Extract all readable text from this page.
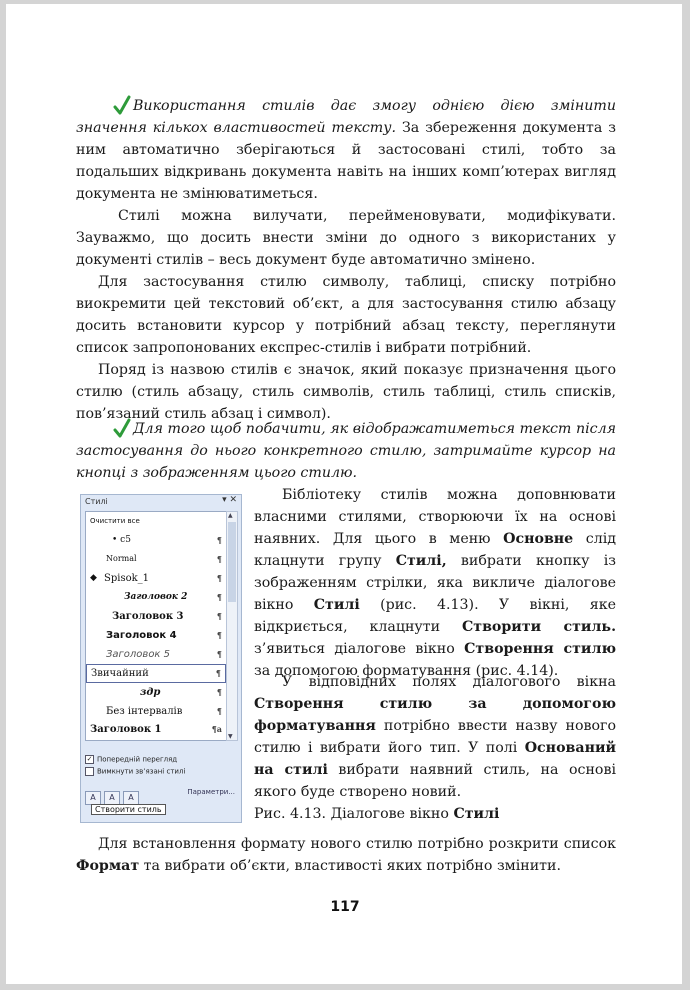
Використання стилів дає змогу однією дією змінити значення кількох властивостей тексту. За збереження документа з ним автоматично зберігаються й застосовані стилі, тобто за подальших відкривань документа навіть на інших комп’ютерах вигляд документа не змінюватиметься.

Стилі можна вилучати, перейменовувати, модифікувати. Зауважмо, що досить внести зміни до одного з використаних у документі стилів – весь документ буде автоматично змінено.

Для застосування стилю символу, таблиці, списку потрібно виокремити цей текстовий об’єкт, а для застосування стилю абзацу досить встановити курсор у потрібний абзац тексту, переглянути список запропонованих експрес-стилів і вибрати потрібний.

Поряд із назвою стилів є значок, який показує призначення цього стилю (стиль абзацу, стиль символів, стиль таблиці, стиль списків, пов’язаний стиль абзац і символ).

Для того щоб побачити, як відображатиметься текст після застосування до нього конкретного стилю, затримайте курсор на кнопці з зображенням цього стилю.

Бібліотеку стилів можна доповнювати власними стилями, створюючи їх на основі наявних. Для цього в меню Основне слід клацнути групу Стилі, вибрати кнопку із зображенням стрілки, яка викличе діалогове вікно Стилі (рис. 4.13). У вікні, яке відкриється, клацнути Створити стиль. з’явиться діалогове вікно Створення стилю за допомогою форматування (рис. 4.14).

У відповідних полях діалогового вікна Створення стилю за допомогою форматування потрібно ввести назву нового стилю і вибрати його тип. У полі Оснований на стилі вибрати наявний стиль, на основі якого буде створено новий.

Стилі	▾ ✕
Очистити все
• c5	¶
Normal	¶
◆ Spisok_1	¶
Заголовок 2	¶
Заголовок 3	¶
Заголовок 4	¶
Заголовок 5	¶
Звичайний	¶
здр	¶
Без інтервалів	¶
Заголовок 1	¶a
▲
▼
✓ Попередній перегляд
Вимкнути зв’язані стилі
A A A
Параметри...
Створити стиль	Рис. 4.13. Діалогове вікно Стилі

Для встановлення формату нового стилю потрібно розкрити список Формат та вибрати об’єкти, властивості яких потрібно змінити.

117
